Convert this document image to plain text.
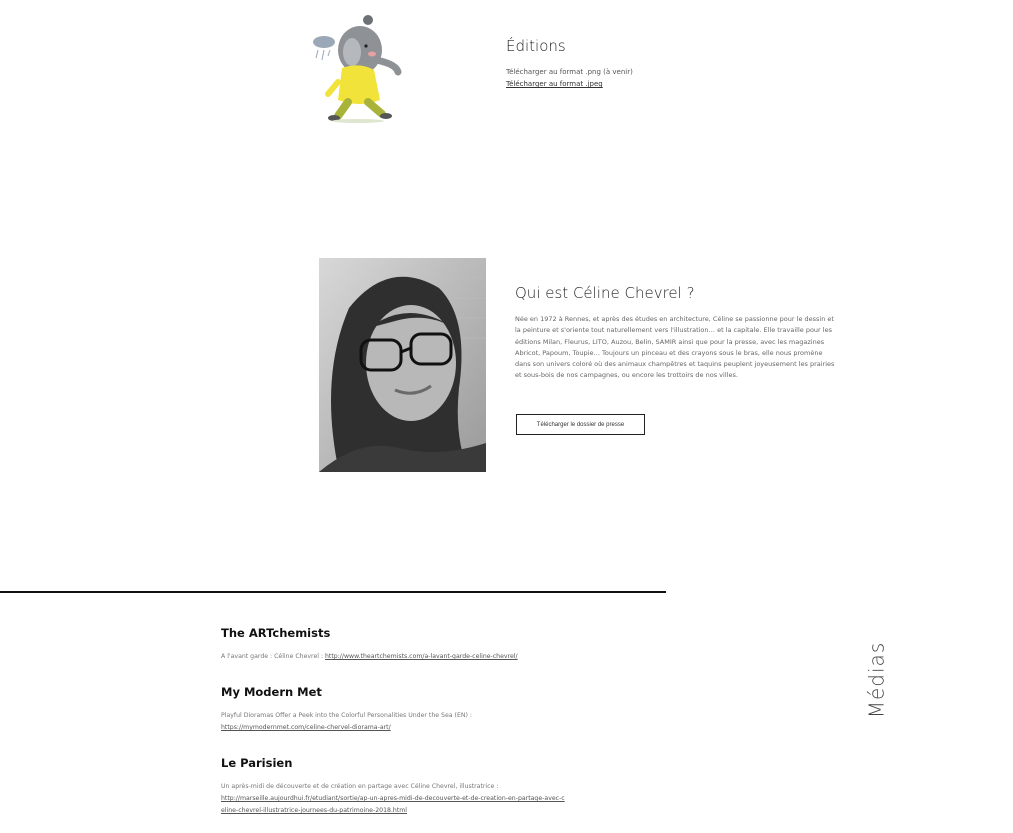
Éditions
Télécharger au format .png (à venir)
Télécharger au format .jpeg
Qui est Céline Chevrel ?
Née en 1972 à Rennes, et après des études en architecture, Céline se passionne pour le dessin et la peinture et s'oriente tout naturellement vers l'illustration… et la capitale. Elle travaille pour les éditions Milan, Fleurus, LITO, Auzou, Belin, SAMIR ainsi que pour la presse, avec les magazines Abricot, Papoum, Toupie… Toujours un pinceau et des crayons sous le bras, elle nous promène dans son univers coloré où des animaux champêtres et taquins peuplent joyeusement les prairies et sous-bois de nos campagnes, ou encore les trottoirs de nos villes.
Télécharger le dossier de presse
The ARTchemists
A l'avant garde : Céline Chevrel : http://www.theartchemists.com/a-lavant-garde-celine-chevrel/
My Modern Met
Playful Dioramas Offer a Peek into the Colorful Personalities Under the Sea (EN) :
https://mymodernmet.com/celine-chervel-diorama-art/
Le Parisien
Un après-midi de découverte et de création en partage avec Céline Chevrel, illustratrice :
http://marseille.aujourdhui.fr/etudiant/sortie/ap-un-apres-midi-de-decouverte-et-de-creation-en-partage-avec-celine-chevrel-illustratrice-journees-du-patrimoine-2018.html
Médias
